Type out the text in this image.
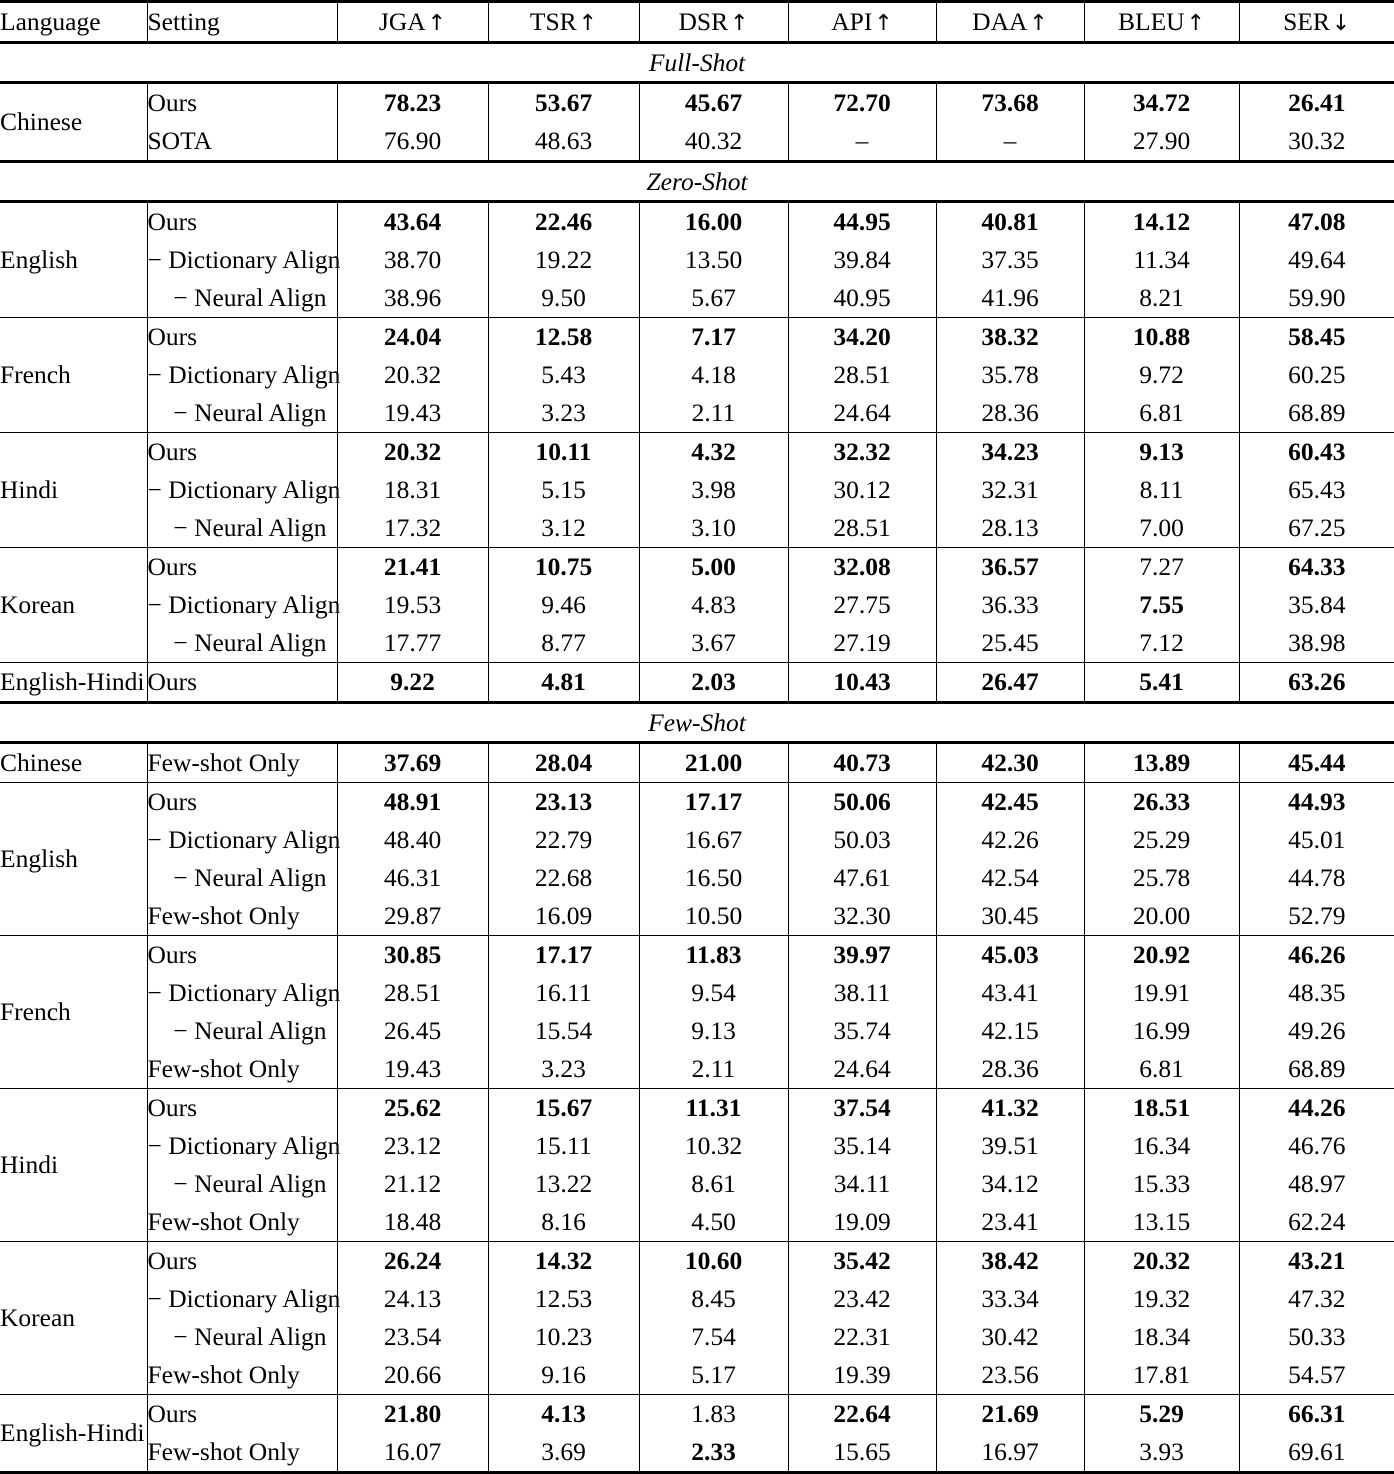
Language	Setting	JGA↑	TSR↑	DSR↑	API↑	DAA↑	BLEU↑	SER↓
Full-Shot								
Chinese	Ours	78.23	53.67	45.67	72.70	73.68	34.72	26.41
	SOTA	76.90	48.63	40.32	–	–	27.90	30.32
Zero-Shot								
English	Ours	43.64	22.46	16.00	44.95	40.81	14.12	47.08
	− Dictionary Align	38.70	19.22	13.50	39.84	37.35	11.34	49.64
	− Neural Align	38.96	9.50	5.67	40.95	41.96	8.21	59.90
French	Ours	24.04	12.58	7.17	34.20	38.32	10.88	58.45
	− Dictionary Align	20.32	5.43	4.18	28.51	35.78	9.72	60.25
	− Neural Align	19.43	3.23	2.11	24.64	28.36	6.81	68.89
Hindi	Ours	20.32	10.11	4.32	32.32	34.23	9.13	60.43
	− Dictionary Align	18.31	5.15	3.98	30.12	32.31	8.11	65.43
	− Neural Align	17.32	3.12	3.10	28.51	28.13	7.00	67.25
Korean	Ours	21.41	10.75	5.00	32.08	36.57	7.27	64.33
	− Dictionary Align	19.53	9.46	4.83	27.75	36.33	7.55	35.84
	− Neural Align	17.77	8.77	3.67	27.19	25.45	7.12	38.98
English-Hindi	Ours	9.22	4.81	2.03	10.43	26.47	5.41	63.26
Few-Shot								
Chinese	Few-shot Only	37.69	28.04	21.00	40.73	42.30	13.89	45.44
English	Ours	48.91	23.13	17.17	50.06	42.45	26.33	44.93
	− Dictionary Align	48.40	22.79	16.67	50.03	42.26	25.29	45.01
	− Neural Align	46.31	22.68	16.50	47.61	42.54	25.78	44.78
	Few-shot Only	29.87	16.09	10.50	32.30	30.45	20.00	52.79
French	Ours	30.85	17.17	11.83	39.97	45.03	20.92	46.26
	− Dictionary Align	28.51	16.11	9.54	38.11	43.41	19.91	48.35
	− Neural Align	26.45	15.54	9.13	35.74	42.15	16.99	49.26
	Few-shot Only	19.43	3.23	2.11	24.64	28.36	6.81	68.89
Hindi	Ours	25.62	15.67	11.31	37.54	41.32	18.51	44.26
	− Dictionary Align	23.12	15.11	10.32	35.14	39.51	16.34	46.76
	− Neural Align	21.12	13.22	8.61	34.11	34.12	15.33	48.97
	Few-shot Only	18.48	8.16	4.50	19.09	23.41	13.15	62.24
Korean	Ours	26.24	14.32	10.60	35.42	38.42	20.32	43.21
	− Dictionary Align	24.13	12.53	8.45	23.42	33.34	19.32	47.32
	− Neural Align	23.54	10.23	7.54	22.31	30.42	18.34	50.33
	Few-shot Only	20.66	9.16	5.17	19.39	23.56	17.81	54.57
English-Hindi	Ours	21.80	4.13	1.83	22.64	21.69	5.29	66.31
	Few-shot Only	16.07	3.69	2.33	15.65	16.97	3.93	69.61
